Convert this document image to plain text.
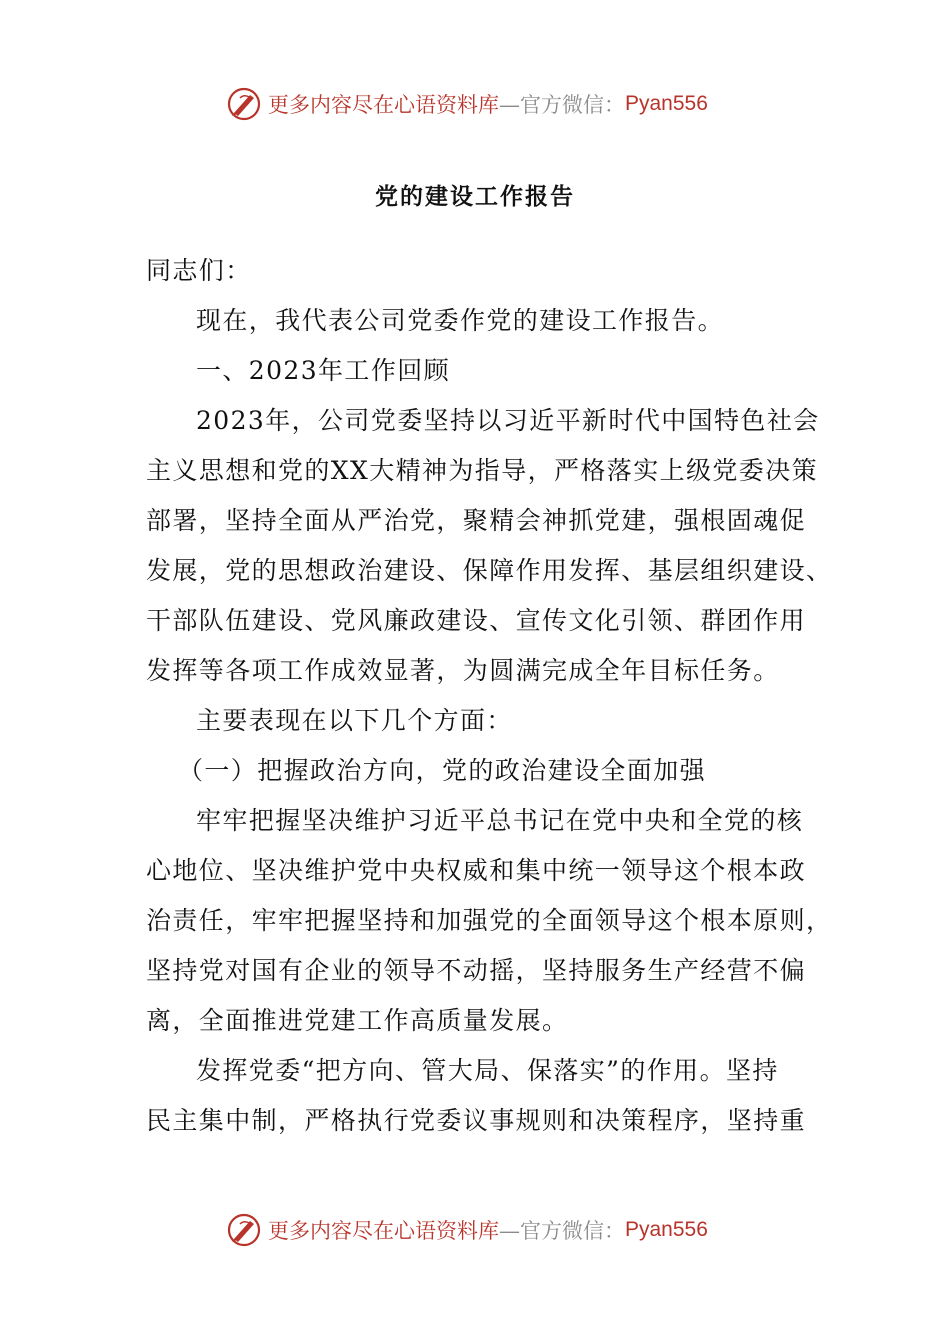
更多内容尽在心语资料库 —官方微信： Pyan556
党的建设工作报告
同志们：
现在，我代表公司党委作党的建设工作报告。
一、2023年工作回顾
2023年，公司党委坚持以习近平新时代中国特色社会
主义思想和党的XX大精神为指导，严格落实上级党委决策
部署，坚持全面从严治党，聚精会神抓党建，强根固魂促
发展，党的思想政治建设、保障作用发挥、基层组织建设、
干部队伍建设、党风廉政建设、宣传文化引领、群团作用
发挥等各项工作成效显著，为圆满完成全年目标任务。
主要表现在以下几个方面：
（一）把握政治方向，党的政治建设全面加强
牢牢把握坚决维护习近平总书记在党中央和全党的核
心地位、坚决维护党中央权威和集中统一领导这个根本政
治责任，牢牢把握坚持和加强党的全面领导这个根本原则，
坚持党对国有企业的领导不动摇，坚持服务生产经营不偏
离，全面推进党建工作高质量发展。
发挥党委“把方向、管大局、保落实”的作用。坚持
民主集中制，严格执行党委议事规则和决策程序，坚持重
更多内容尽在心语资料库 —官方微信： Pyan556
